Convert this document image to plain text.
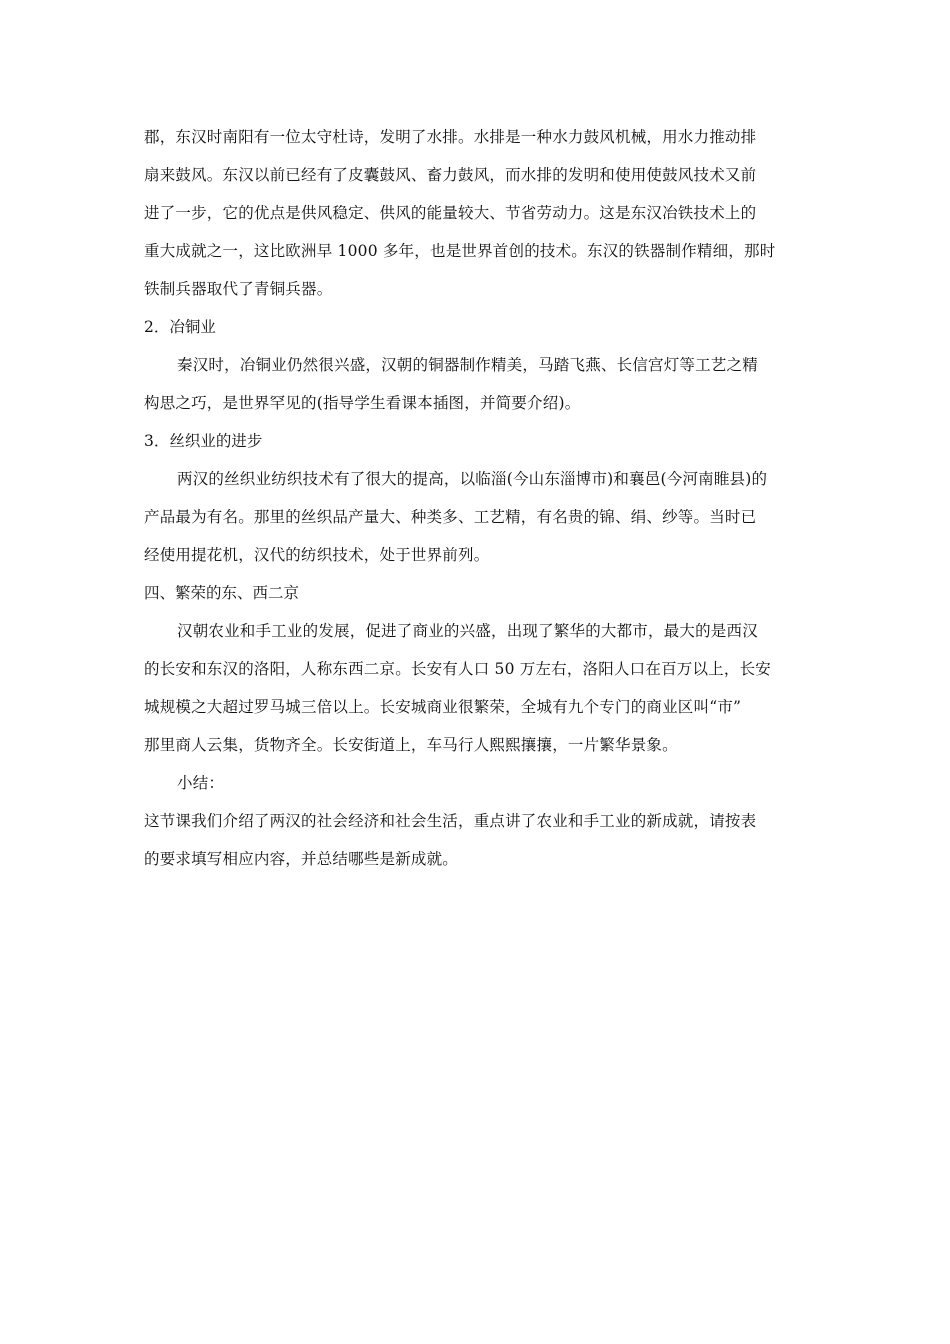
郡，东汉时南阳有一位太守杜诗，发明了水排。水排是一种水力鼓风机械，用水力推动排
扇来鼓风。东汉以前已经有了皮囊鼓风、畜力鼓风，而水排的发明和使用使鼓风技术又前
进了一步，它的优点是供风稳定、供风的能量较大、节省劳动力。这是东汉冶铁技术上的
重大成就之一，这比欧洲早 1000 多年，也是世界首创的技术。东汉的铁器制作精细，那时
铁制兵器取代了青铜兵器。
2．冶铜业
秦汉时，冶铜业仍然很兴盛，汉朝的铜器制作精美，马踏飞燕、长信宫灯等工艺之精
构思之巧，是世界罕见的(指导学生看课本插图，并简要介绍)。
3．丝织业的进步
两汉的丝织业纺织技术有了很大的提高，以临淄(今山东淄博市)和襄邑(今河南睢县)的
产品最为有名。那里的丝织品产量大、种类多、工艺精，有名贵的锦、绢、纱等。当时已
经使用提花机，汉代的纺织技术，处于世界前列。
四、繁荣的东、西二京
汉朝农业和手工业的发展，促进了商业的兴盛，出现了繁华的大都市，最大的是西汉
的长安和东汉的洛阳，人称东西二京。长安有人口 50 万左右，洛阳人口在百万以上，长安
城规模之大超过罗马城三倍以上。长安城商业很繁荣，全城有九个专门的商业区叫“市”
那里商人云集，货物齐全。长安街道上，车马行人熙熙攘攘，一片繁华景象。
小结：
这节课我们介绍了两汉的社会经济和社会生活，重点讲了农业和手工业的新成就，请按表
的要求填写相应内容，并总结哪些是新成就。
